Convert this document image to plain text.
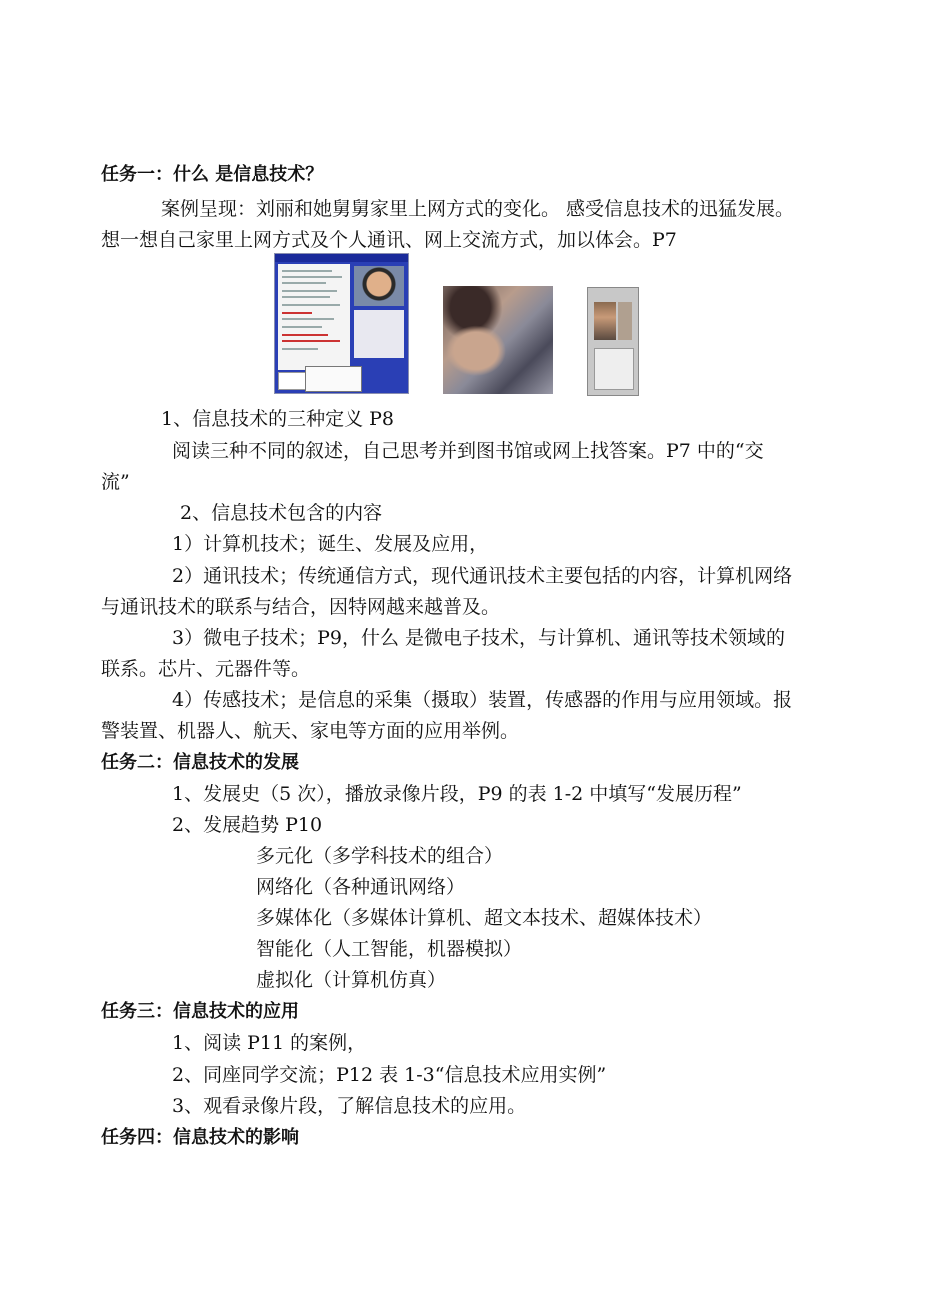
任务一：什么 是信息技术？
案例呈现：刘丽和她舅舅家里上网方式的变化。 感受信息技术的迅猛发展。
想一想自己家里上网方式及个人通讯、网上交流方式，加以体会。P7
1、信息技术的三种定义 P8
阅读三种不同的叙述，自己思考并到图书馆或网上找答案。P7 中的“交
流”
2、信息技术包含的内容
1）计算机技术；诞生、发展及应用，
2）通讯技术；传统通信方式，现代通讯技术主要包括的内容，计算机网络
与通讯技术的联系与结合，因特网越来越普及。
3）微电子技术；P9，什么 是微电子技术，与计算机、通讯等技术领域的
联系。芯片、元器件等。
4）传感技术；是信息的采集（摄取）装置，传感器的作用与应用领域。报
警装置、机器人、航天、家电等方面的应用举例。
任务二：信息技术的发展
1、发展史（5 次），播放录像片段，P9 的表 1-2 中填写“发展历程”
2、发展趋势 P10
多元化（多学科技术的组合）
网络化（各种通讯网络）
多媒体化（多媒体计算机、超文本技术、超媒体技术）
智能化（人工智能，机器模拟）
虚拟化（计算机仿真）
任务三：信息技术的应用
1、阅读 P11 的案例，
2、同座同学交流；P12 表 1-3“信息技术应用实例”
3、观看录像片段，了解信息技术的应用。
任务四：信息技术的影响
